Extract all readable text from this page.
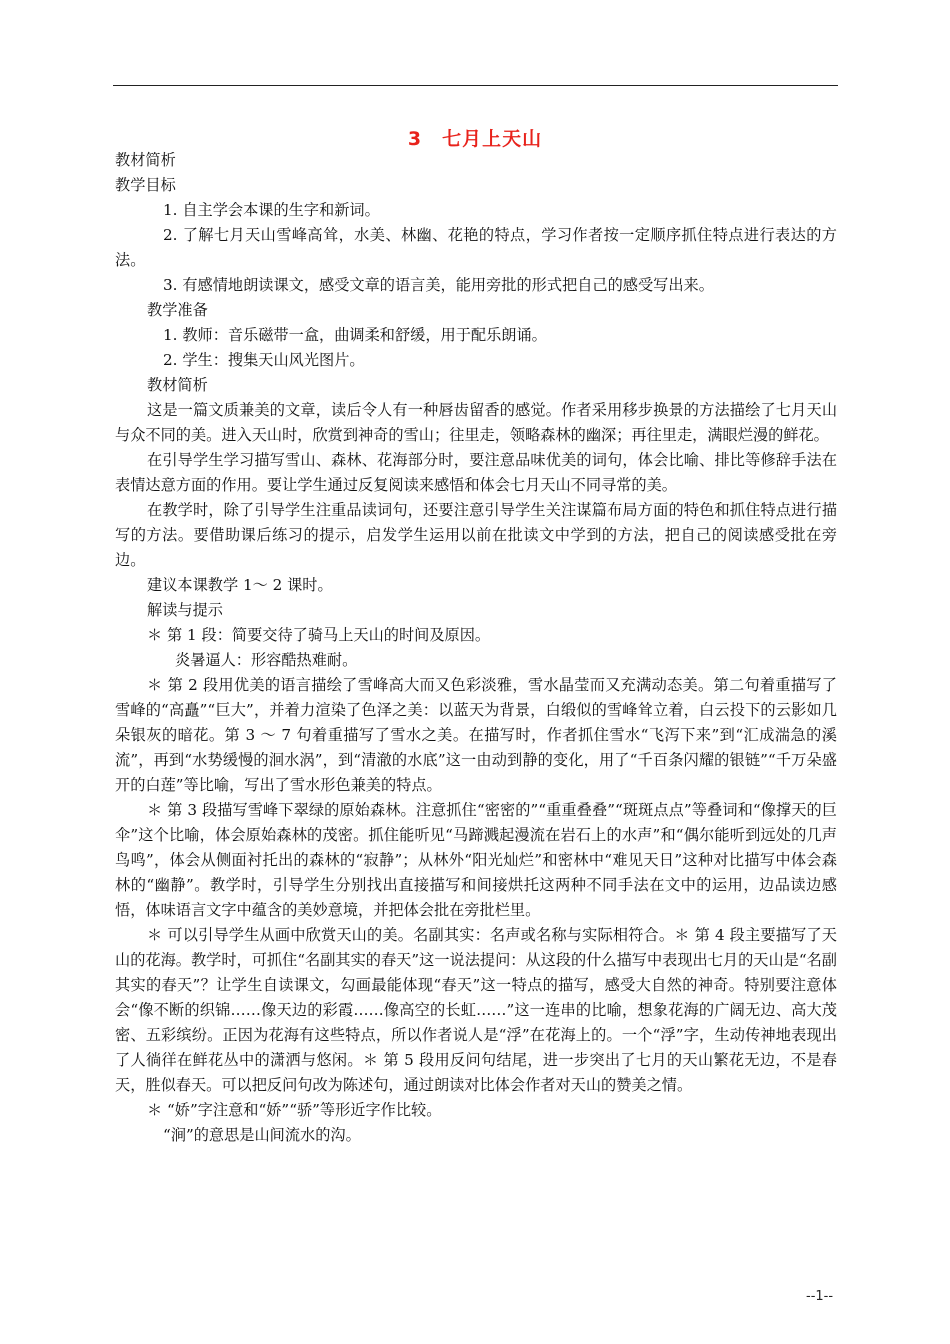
3　七月上天山

教材简析

教学目标

1. 自主学会本课的生字和新词。

2. 了解七月天山雪峰高耸，水美、林幽、花艳的特点，学习作者按一定顺序抓住特点进行表达的方法。

3. 有感情地朗读课文，感受文章的语言美，能用旁批的形式把自己的感受写出来。

教学准备

1. 教师：音乐磁带一盒，曲调柔和舒缓，用于配乐朗诵。

2. 学生：搜集天山风光图片。

教材简析

这是一篇文质兼美的文章，读后令人有一种唇齿留香的感觉。作者采用移步换景的方法描绘了七月天山与众不同的美。进入天山时，欣赏到神奇的雪山；往里走，领略森林的幽深；再往里走，满眼烂漫的鲜花。

在引导学生学习描写雪山、森林、花海部分时，要注意品味优美的词句，体会比喻、排比等修辞手法在表情达意方面的作用。要让学生通过反复阅读来感悟和体会七月天山不同寻常的美。

在教学时，除了引导学生注重品读词句，还要注意引导学生关注谋篇布局方面的特色和抓住特点进行描写的方法。要借助课后练习的提示，启发学生运用以前在批读文中学到的方法，把自己的阅读感受批在旁边。

建议本课教学 1～ 2 课时。

解读与提示

＊ 第 1 段：简要交待了骑马上天山的时间及原因。

炎暑逼人：形容酷热难耐。

＊ 第 2 段用优美的语言描绘了雪峰高大而又色彩淡雅，雪水晶莹而又充满动态美。第二句着重描写了雪峰的“高矗”“巨大”，并着力渲染了色泽之美：以蓝天为背景，白缎似的雪峰耸立着，白云投下的云影如几朵银灰的暗花。第 3 ～ 7 句着重描写了雪水之美。在描写时，作者抓住雪水“飞泻下来”到“汇成湍急的溪流”，再到“水势缓慢的洄水涡”，到“清澈的水底”这一由动到静的变化，用了“千百条闪耀的银链”“千万朵盛开的白莲”等比喻，写出了雪水形色兼美的特点。

＊ 第 3 段描写雪峰下翠绿的原始森林。注意抓住“密密的”“重重叠叠”“斑斑点点”等叠词和“像撑天的巨伞”这个比喻，体会原始森林的茂密。抓住能听见“马蹄溅起漫流在岩石上的水声”和“偶尔能听到远处的几声鸟鸣”，体会从侧面衬托出的森林的“寂静”；从林外“阳光灿烂”和密林中“难见天日”这种对比描写中体会森林的“幽静”。教学时，引导学生分别找出直接描写和间接烘托这两种不同手法在文中的运用，边品读边感悟，体味语言文字中蕴含的美妙意境，并把体会批在旁批栏里。

＊ 可以引导学生从画中欣赏天山的美。名副其实：名声或名称与实际相符合。＊ 第 4 段主要描写了天山的花海。教学时，可抓住“名副其实的春天”这一说法提问：从这段的什么描写中表现出七月的天山是“名副其实的春天”？让学生自读课文，勾画最能体现“春天”这一特点的描写，感受大自然的神奇。特别要注意体会“像不断的织锦……像天边的彩霞……像高空的长虹……”这一连串的比喻，想象花海的广阔无边、高大茂密、五彩缤纷。正因为花海有这些特点，所以作者说人是“浮”在花海上的。一个“浮”字，生动传神地表现出了人徜徉在鲜花丛中的潇洒与悠闲。＊ 第 5 段用反问句结尾，进一步突出了七月的天山繁花无边，不是春天，胜似春天。可以把反问句改为陈述句，通过朗读对比体会作者对天山的赞美之情。

＊ “娇”字注意和“娇”“骄”等形近字作比较。

“涧”的意思是山间流水的沟。

--1--
